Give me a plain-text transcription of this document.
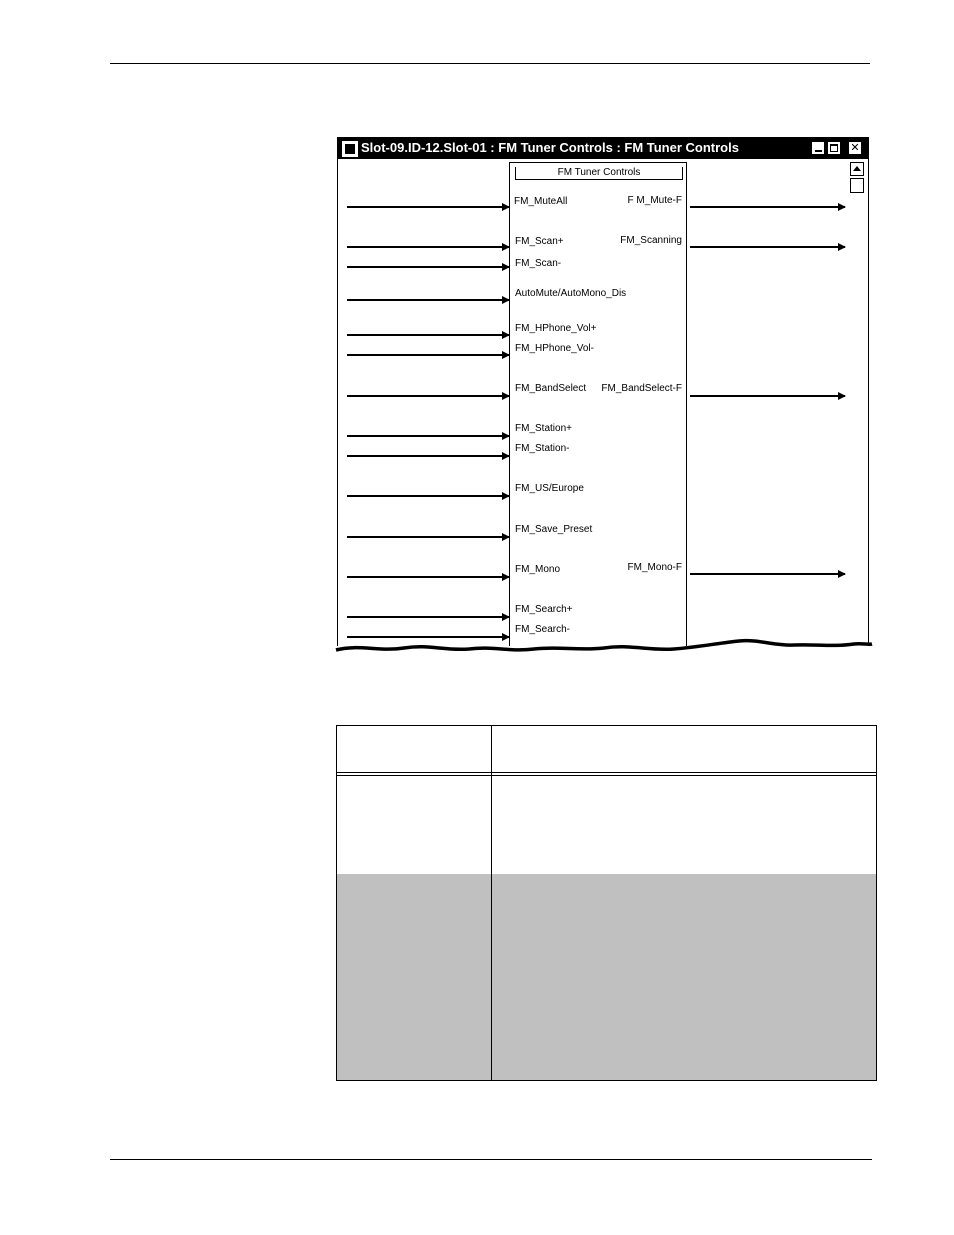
Slot-09.ID-12.Slot-01 : FM Tuner Controls : FM Tuner Controls	✕
FM Tuner Controls
FM_MuteAll
FM_Scan+
FM_Scan-
AutoMute/AutoMono_Dis
FM_HPhone_Vol+
FM_HPhone_Vol-
FM_BandSelect
FM_Station+
FM_Station-
FM_US/Europe
FM_Save_Preset
FM_Mono
FM_Search+
FM_Search-
F M_Mute-F
FM_Scanning
FM_BandSelect-F
FM_Mono-F
